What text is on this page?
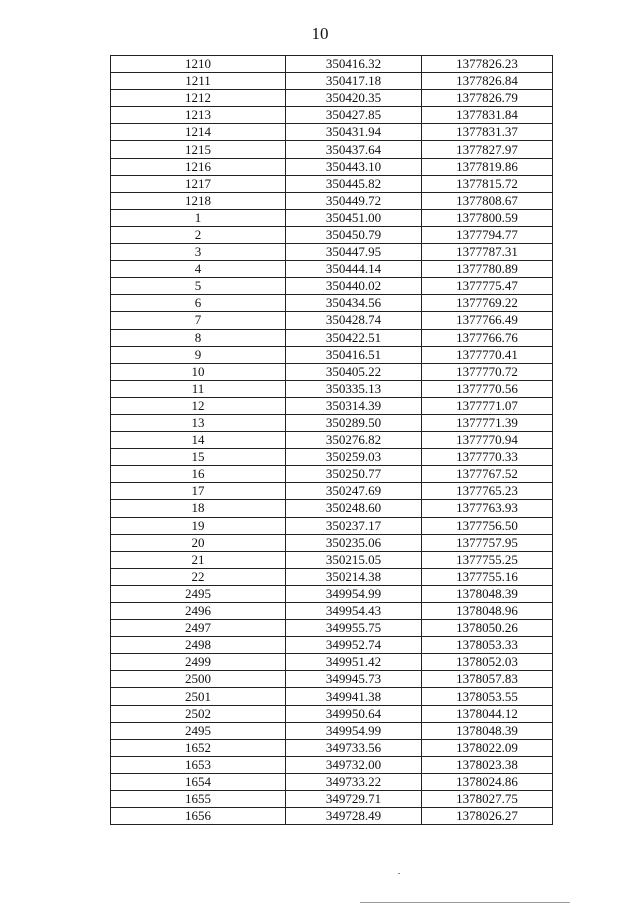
10
1210	350416.32	1377826.23
1211	350417.18	1377826.84
1212	350420.35	1377826.79
1213	350427.85	1377831.84
1214	350431.94	1377831.37
1215	350437.64	1377827.97
1216	350443.10	1377819.86
1217	350445.82	1377815.72
1218	350449.72	1377808.67
1	350451.00	1377800.59
2	350450.79	1377794.77
3	350447.95	1377787.31
4	350444.14	1377780.89
5	350440.02	1377775.47
6	350434.56	1377769.22
7	350428.74	1377766.49
8	350422.51	1377766.76
9	350416.51	1377770.41
10	350405.22	1377770.72
11	350335.13	1377770.56
12	350314.39	1377771.07
13	350289.50	1377771.39
14	350276.82	1377770.94
15	350259.03	1377770.33
16	350250.77	1377767.52
17	350247.69	1377765.23
18	350248.60	1377763.93
19	350237.17	1377756.50
20	350235.06	1377757.95
21	350215.05	1377755.25
22	350214.38	1377755.16
2495	349954.99	1378048.39
2496	349954.43	1378048.96
2497	349955.75	1378050.26
2498	349952.74	1378053.33
2499	349951.42	1378052.03
2500	349945.73	1378057.83
2501	349941.38	1378053.55
2502	349950.64	1378044.12
2495	349954.99	1378048.39
1652	349733.56	1378022.09
1653	349732.00	1378023.38
1654	349733.22	1378024.86
1655	349729.71	1378027.75
1656	349728.49	1378026.27
